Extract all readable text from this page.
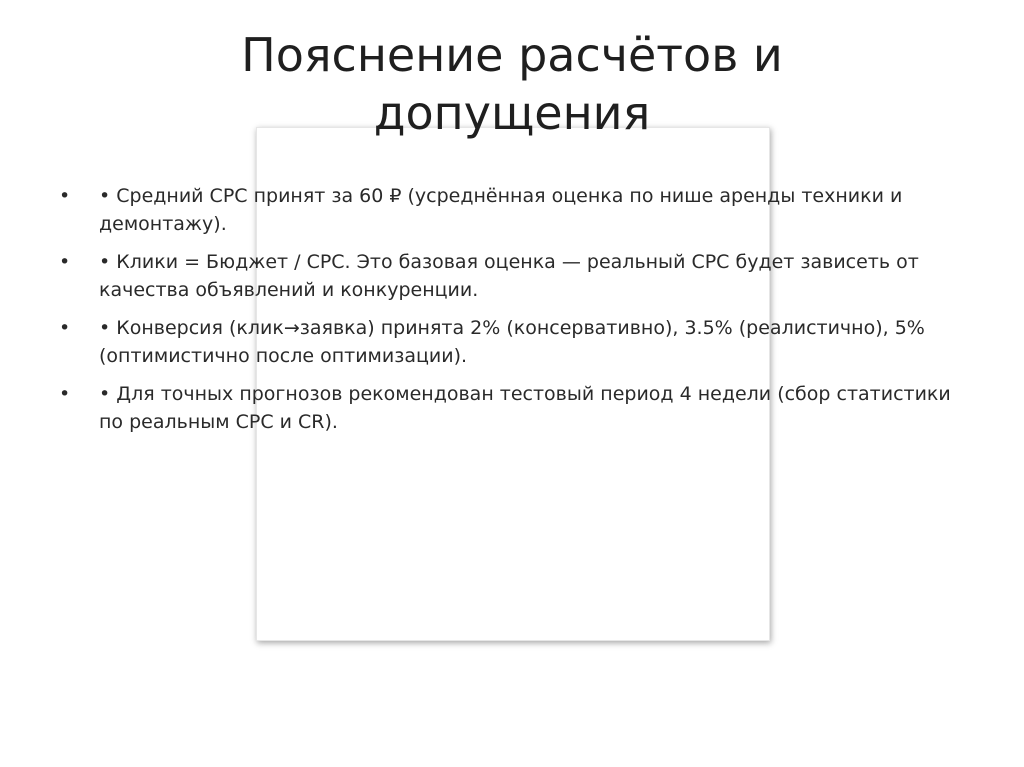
Пояснение расчётов и допущения
• • Средний CPC принят за 60 ₽ (усреднённая оценка по нише аренды техники и демонтажу).
• • Клики = Бюджет / CPC. Это базовая оценка — реальный CPC будет зависеть от качества объявлений и конкуренции.
• • Конверсия (клик→заявка) принята 2% (консервативно), 3.5% (реалистично), 5% (оптимистично после оптимизации).
• • Для точных прогнозов рекомендован тестовый период 4 недели (сбор статистики по реальным CPC и CR).
